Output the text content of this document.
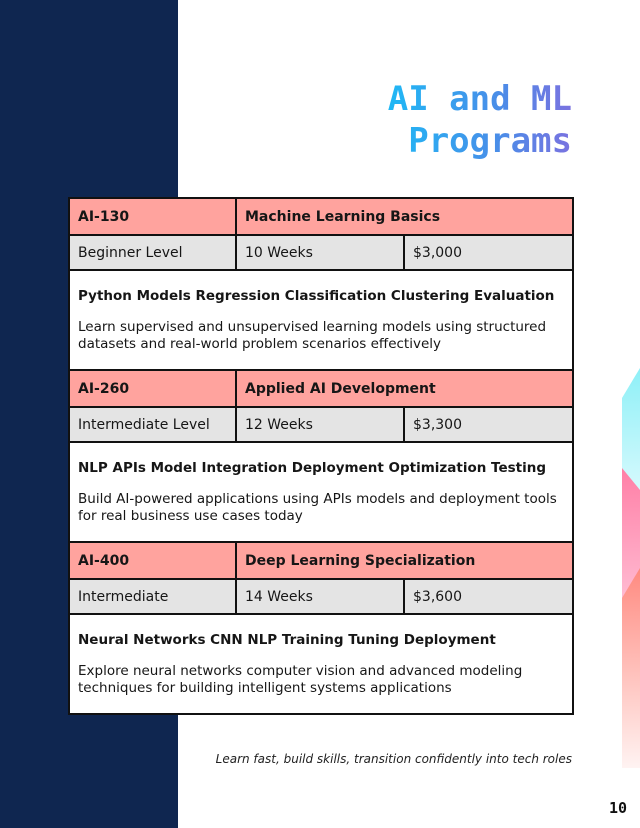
AI and ML
Programs
AI-130	Machine Learning Basics
Beginner Level	10 Weeks	$3,000
Python Models Regression Classification Clustering Evaluation
Learn supervised and unsupervised learning models using structured datasets and real-world problem scenarios effectively
AI-260	Applied AI Development
Intermediate Level	12 Weeks	$3,300
NLP APIs Model Integration Deployment Optimization Testing
Build AI-powered applications using APIs models and deployment tools for real business use cases today
AI-400	Deep Learning Specialization
Intermediate	14 Weeks	$3,600
Neural Networks CNN NLP Training Tuning Deployment
Explore neural networks computer vision and advanced modeling techniques for building intelligent systems applications
Learn fast, build skills, transition confidently into tech roles
10
